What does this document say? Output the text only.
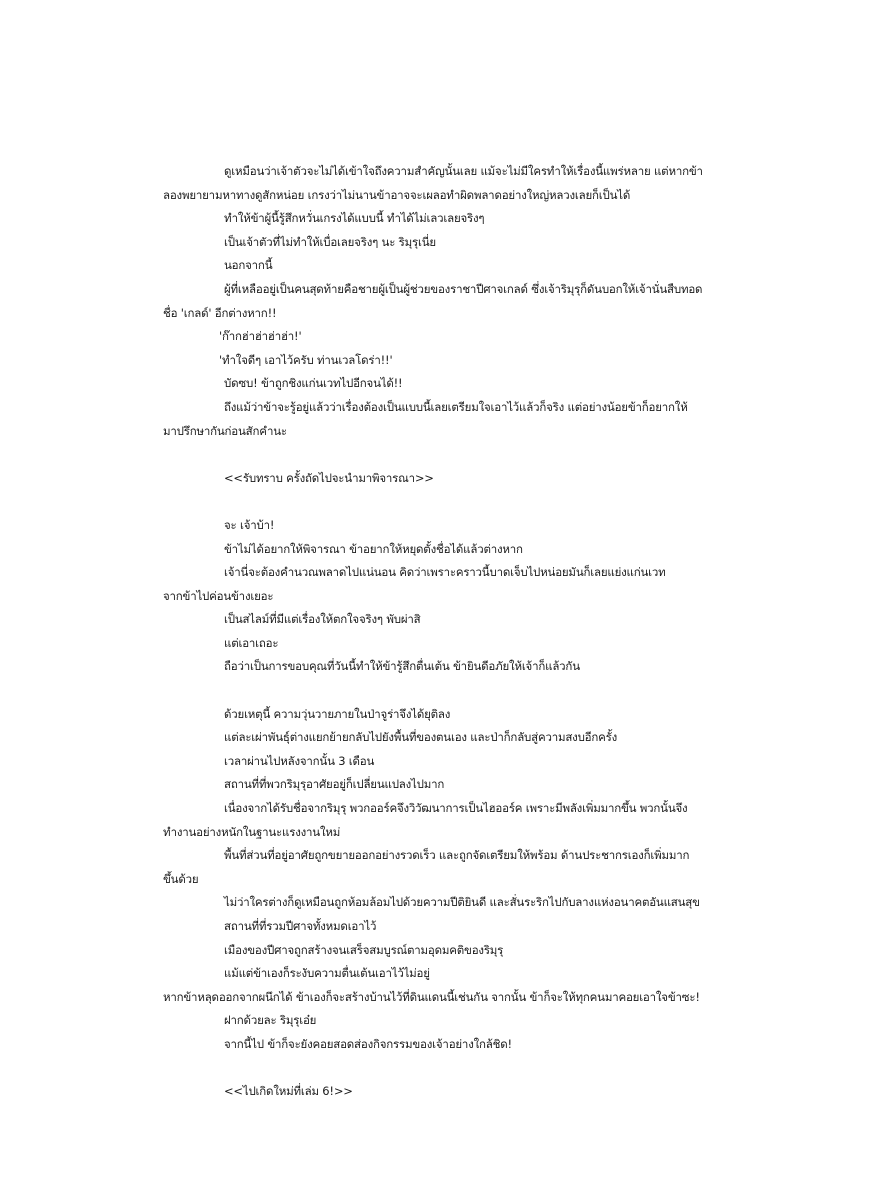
ดูเหมือนว่าเจ้าตัวจะไม่ได้เข้าใจถึงความสำคัญนั้นเลย แม้จะไม่มีใครทำให้เรื่องนี้แพร่หลาย แต่หากข้า
ลองพยายามหาทางดูสักหน่อย เกรงว่าไม่นานข้าอาจจะเผลอทำผิดพลาดอย่างใหญ่หลวงเลยก็เป็นได้
ทำให้ข้าผู้นี้รู้สึกหวั่นเกรงได้แบบนี้ ทำได้ไม่เลวเลยจริงๆ
เป็นเจ้าตัวที่ไม่ทำให้เบื่อเลยจริงๆ นะ ริมุรุเนี่ย
นอกจากนี้
ผู้ที่เหลืออยู่เป็นคนสุดท้ายคือชายผู้เป็นผู้ช่วยของราชาปีศาจเกลด์ ซึ่งเจ้าริมุรุก็ดันบอกให้เจ้านั่นสืบทอด
ชื่อ 'เกลด์' อีกต่างหาก!!
'ก๊ากฮ่าฮ่าฮ่าฮ่า!'
'ทำใจดีๆ เอาไว้ครับ ท่านเวลโดร่า!!'
บัดซบ! ข้าถูกชิงแก่นเวทไปอีกจนได้!!
ถึงแม้ว่าข้าจะรู้อยู่แล้วว่าเรื่องต้องเป็นแบบนี้เลยเตรียมใจเอาไว้แล้วก็จริง แต่อย่างน้อยข้าก็อยากให้
มาปรึกษากันก่อนสักคำนะ
<<รับทราบ ครั้งถัดไปจะนำมาพิจารณา>>
จะ เจ้าบ้า!
ข้าไม่ได้อยากให้พิจารณา ข้าอยากให้หยุดตั้งชื่อได้แล้วต่างหาก
เจ้านี่จะต้องคำนวณพลาดไปแน่นอน คิดว่าเพราะคราวนี้บาดเจ็บไปหน่อยมันก็เลยแย่งแก่นเวท
จากข้าไปค่อนข้างเยอะ
เป็นสไลม์ที่มีแต่เรื่องให้ตกใจจริงๆ พับผ่าสิ
แต่เอาเถอะ
ถือว่าเป็นการขอบคุณที่วันนี้ทำให้ข้ารู้สึกตื่นเต้น ข้ายินดีอภัยให้เจ้าก็แล้วกัน
ด้วยเหตุนี้ ความวุ่นวายภายในป่าจูร่าจึงได้ยุติลง
แต่ละเผ่าพันธุ์ต่างแยกย้ายกลับไปยังพื้นที่ของตนเอง และป่าก็กลับสู่ความสงบอีกครั้ง
เวลาผ่านไปหลังจากนั้น 3 เดือน
สถานที่ที่พวกริมุรุอาศัยอยู่ก็เปลี่ยนแปลงไปมาก
เนื่องจากได้รับชื่อจากริมุรุ พวกออร์คจึงวิวัฒนาการเป็นไฮออร์ค เพราะมีพลังเพิ่มมากขึ้น พวกนั้นจึง
ทำงานอย่างหนักในฐานะแรงงานใหม่
พื้นที่ส่วนที่อยู่อาศัยถูกขยายออกอย่างรวดเร็ว และถูกจัดเตรียมให้พร้อม ด้านประชากรเองก็เพิ่มมาก
ขึ้นด้วย
ไม่ว่าใครต่างก็ดูเหมือนถูกห้อมล้อมไปด้วยความปีติยินดี และสั่นระริกไปกับลางแห่งอนาคตอันแสนสุข
สถานที่ที่รวมปีศาจทั้งหมดเอาไว้
เมืองของปีศาจถูกสร้างจนเสร็จสมบูรณ์ตามอุดมคติของริมุรุ
แม้แต่ข้าเองก็ระงับความตื่นเต้นเอาไว้ไม่อยู่
หากข้าหลุดออกจากผนึกได้ ข้าเองก็จะสร้างบ้านไว้ที่ดินแดนนี้เช่นกัน จากนั้น ข้าก็จะให้ทุกคนมาคอยเอาใจข้าซะ!
ฝากด้วยละ ริมุรุเอ๋ย
จากนี้ไป ข้าก็จะยังคอยสอดส่องกิจกรรมของเจ้าอย่างใกล้ชิด!
<<ไปเกิดใหม่ที่เล่ม 6!>>
